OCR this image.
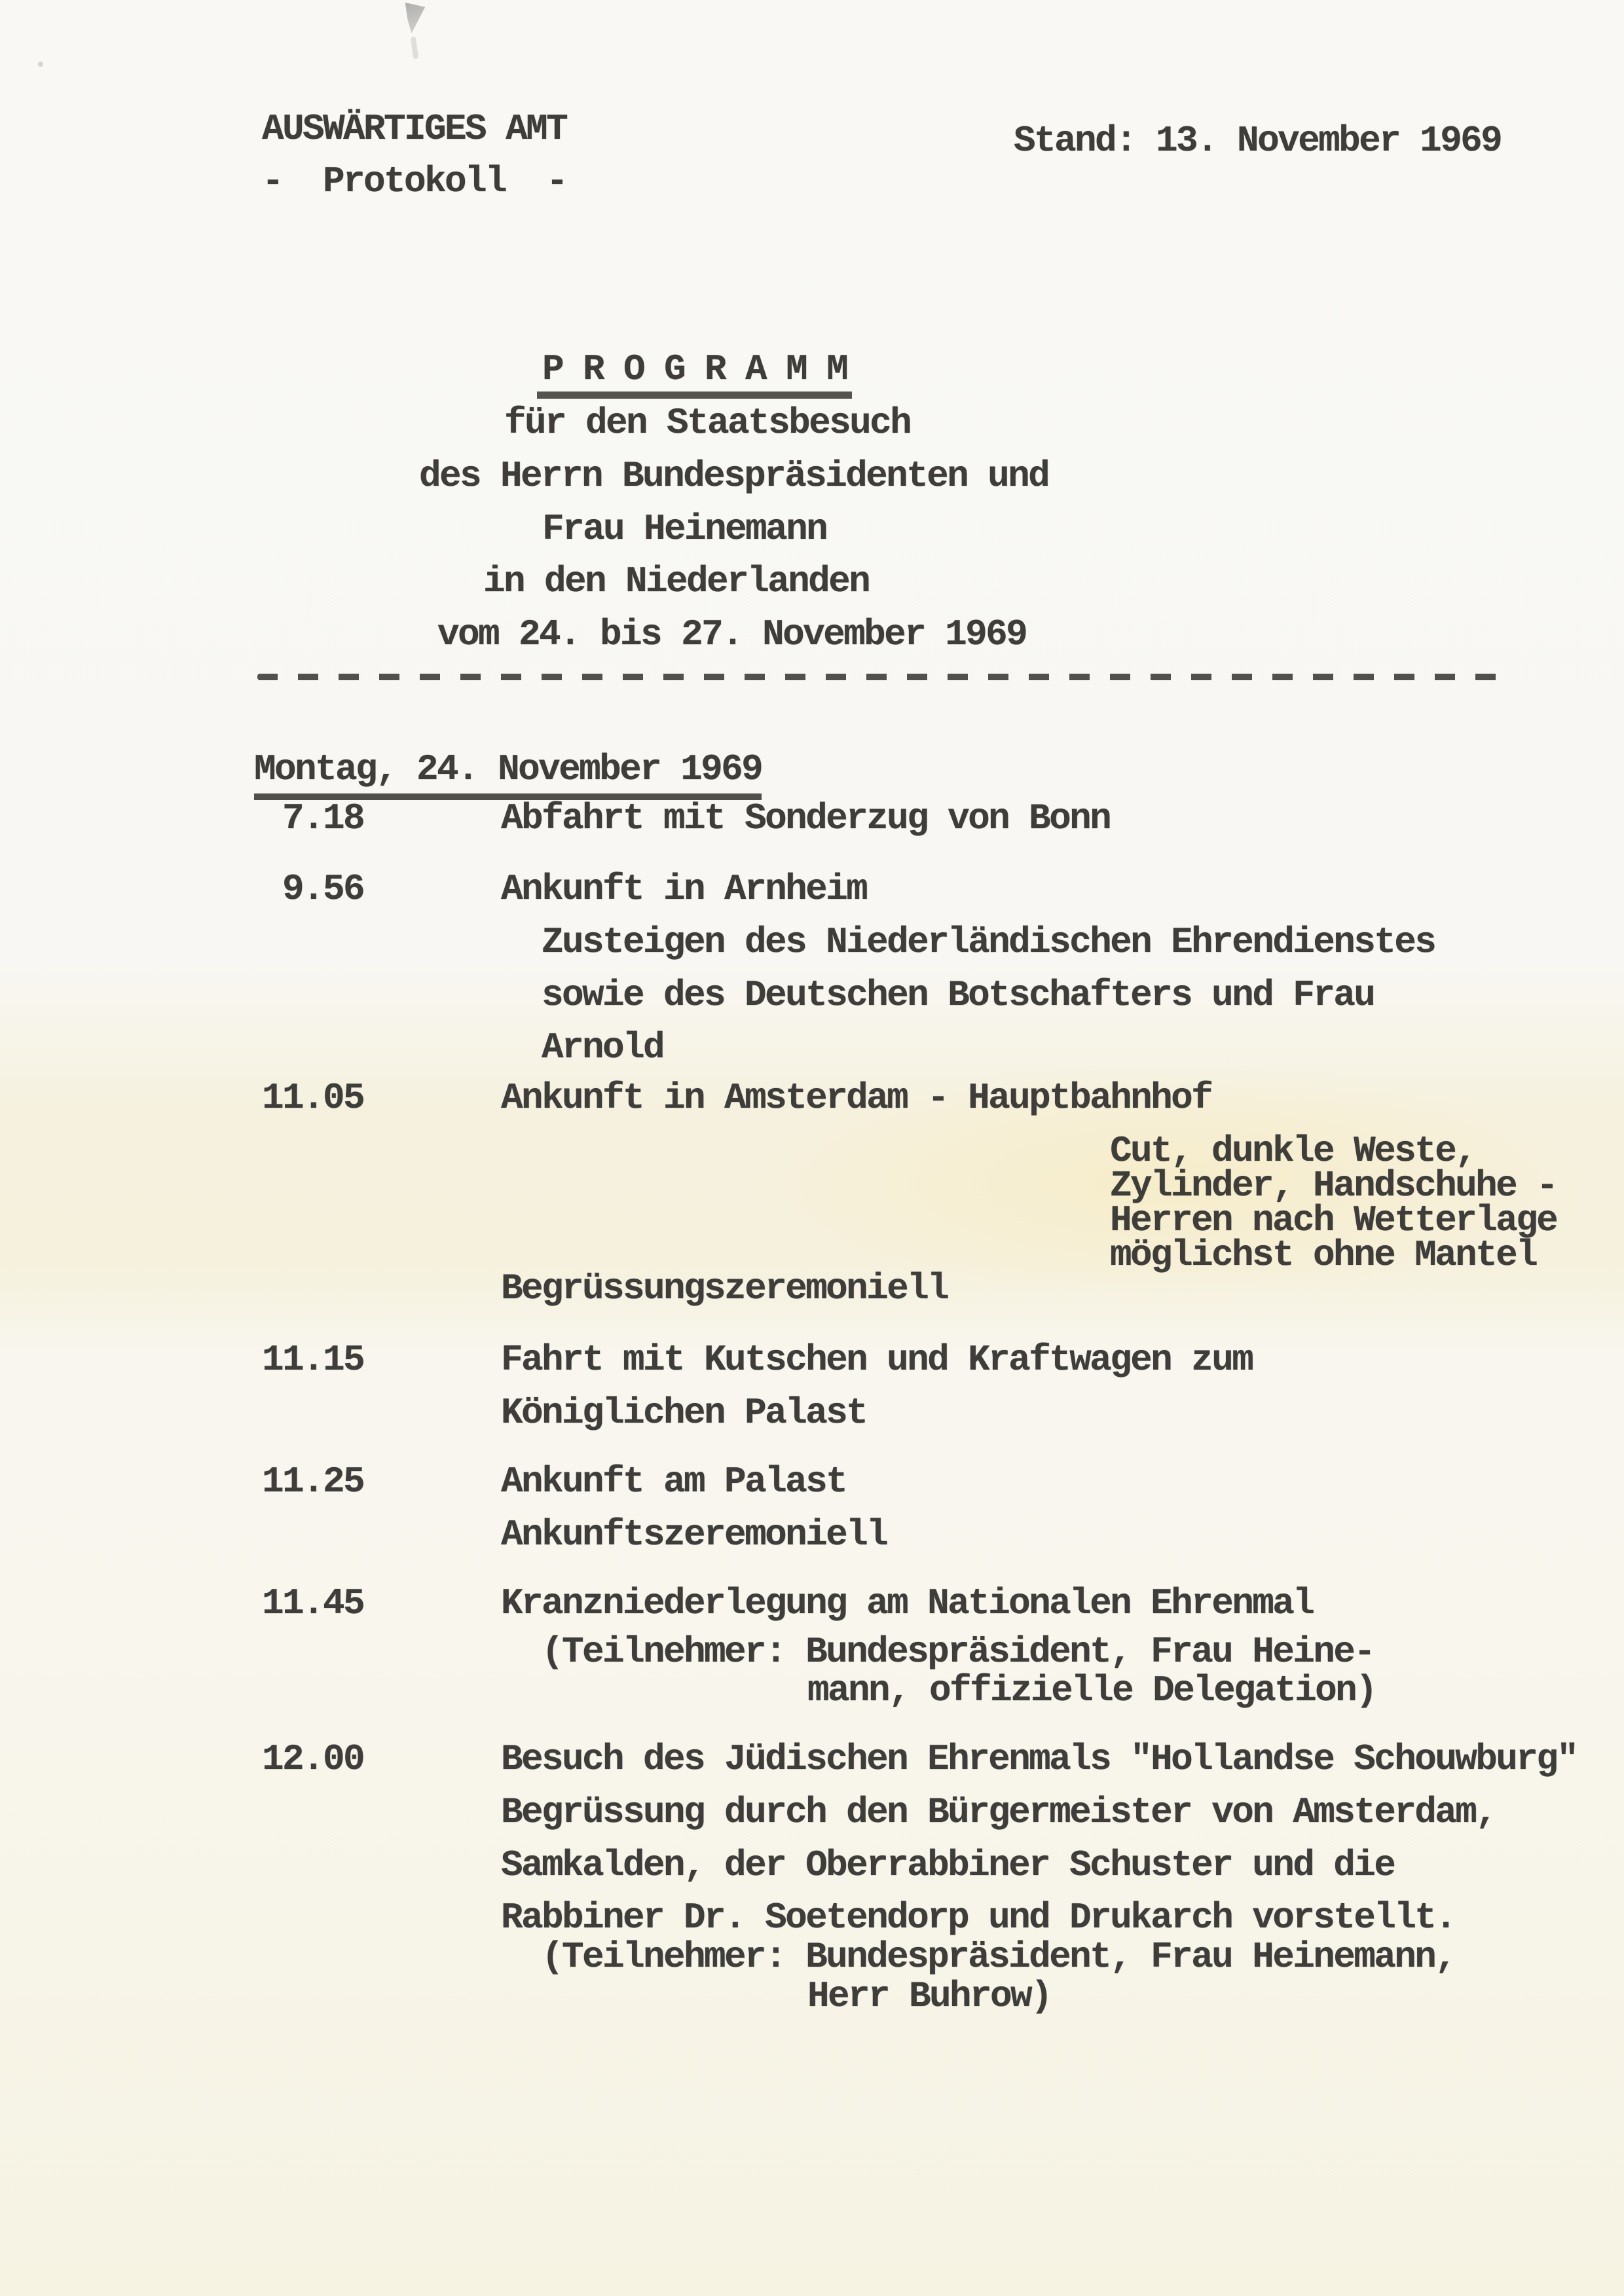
AUSWÄRTIGES AMT
-  Protokoll  -
Stand: 13. November 1969
P R O G R A M M
für den Staatsbesuch
des Herrn Bundespräsidenten und
Frau Heinemann
in den Niederlanden
vom 24. bis 27. November 1969
Montag, 24. November 1969
7.18	Abfahrt mit Sonderzug von Bonn
9.56	Ankunft in Arnheim
Zusteigen des Niederländischen Ehrendienstes
sowie des Deutschen Botschafters und Frau
Arnold
11.05	Ankunft in Amsterdam - Hauptbahnhof
Cut, dunkle Weste,
Zylinder, Handschuhe -
Herren nach Wetterlage
möglichst ohne Mantel
Begrüssungszeremoniell
11.15	Fahrt mit Kutschen und Kraftwagen zum
Königlichen Palast
11.25	Ankunft am Palast
Ankunftszeremoniell
11.45	Kranzniederlegung am Nationalen Ehrenmal
(Teilnehmer: Bundespräsident, Frau Heine-
mann, offizielle Delegation)
12.00	Besuch des Jüdischen Ehrenmals "Hollandse Schouwburg"
Begrüssung durch den Bürgermeister von Amsterdam,
Samkalden, der Oberrabbiner Schuster und die
Rabbiner Dr. Soetendorp und Drukarch vorstellt.
(Teilnehmer: Bundespräsident, Frau Heinemann,
Herr Buhrow)
